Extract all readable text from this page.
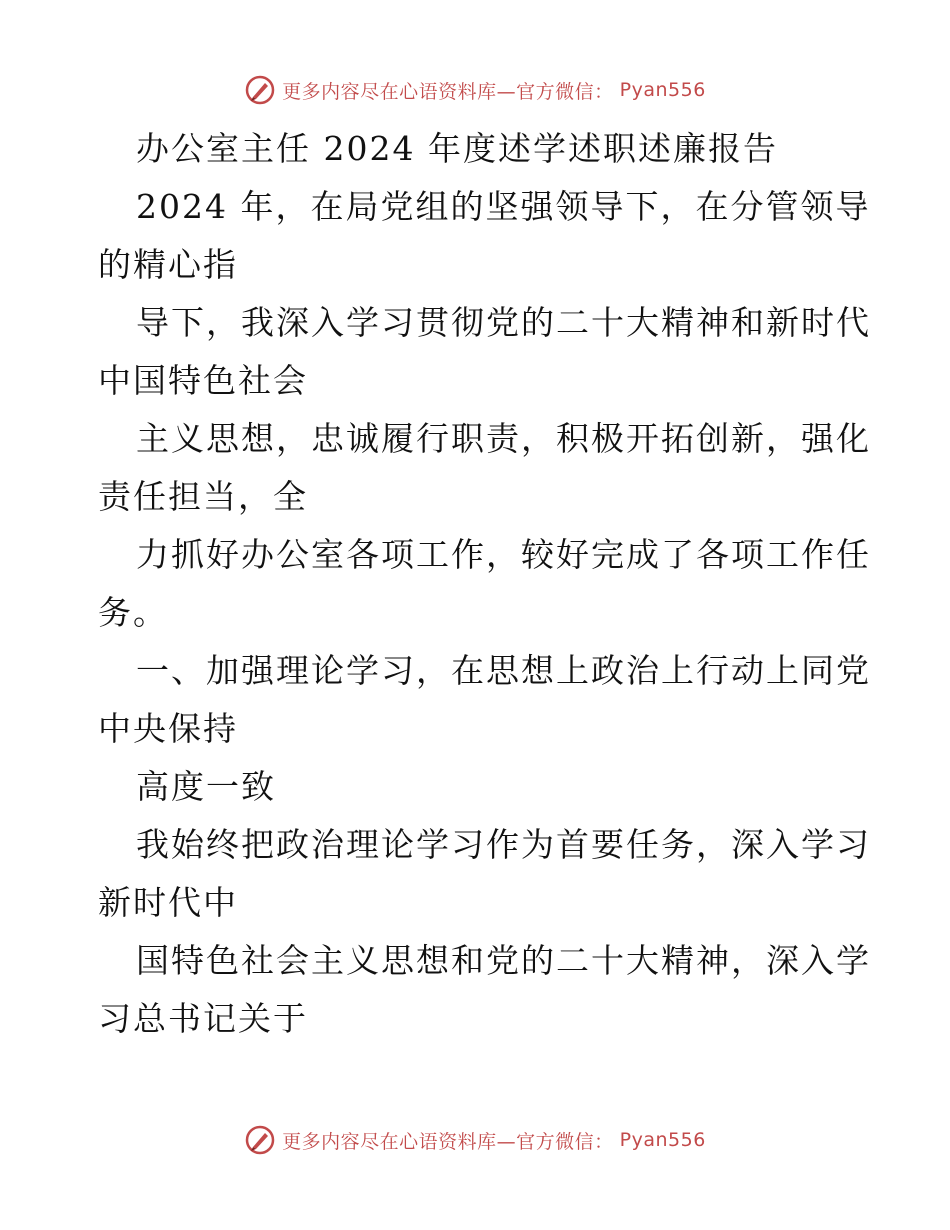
更多内容尽在心语资料库—官方微信： Pyan556
办公室主任 2024 年度述学述职述廉报告
2024 年，在局党组的坚强领导下，在分管领导
的精心指
导下，我深入学习贯彻党的二十大精神和新时代
中国特色社会
主义思想，忠诚履行职责，积极开拓创新，强化
责任担当，全
力抓好办公室各项工作，较好完成了各项工作任
务。
一、加强理论学习，在思想上政治上行动上同党
中央保持
高度一致
我始终把政治理论学习作为首要任务，深入学习
新时代中
国特色社会主义思想和党的二十大精神，深入学
习总书记关于
更多内容尽在心语资料库—官方微信： Pyan556
